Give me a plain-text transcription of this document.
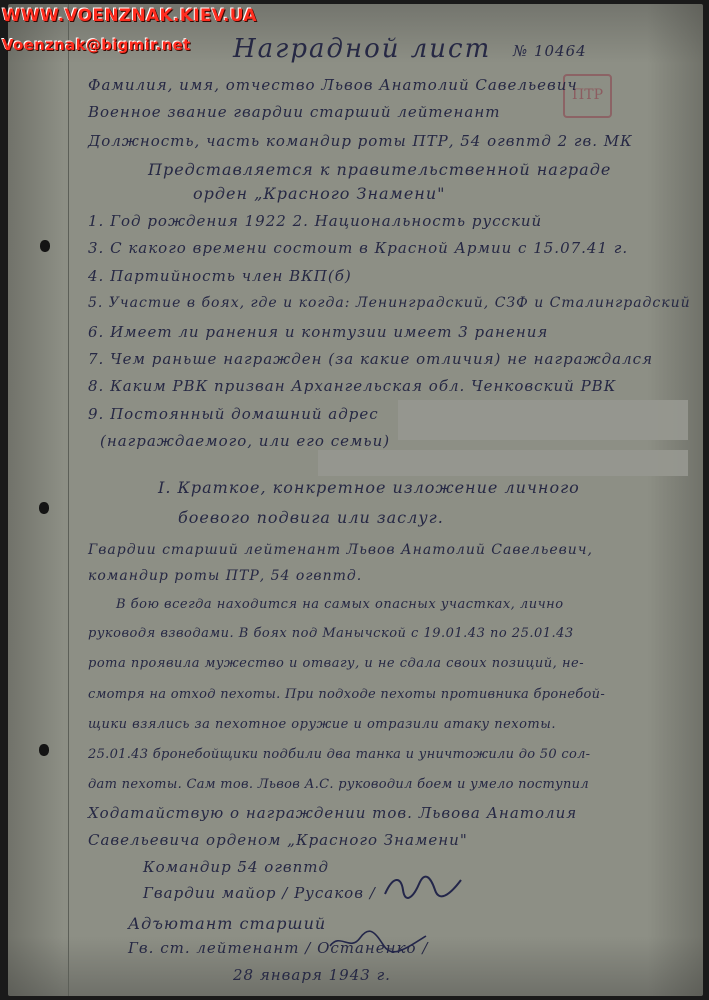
Наградной лист № 10464
ПТР
Фамилия, имя, отчество Львов Анатолий Савельевич
Военное звание гвардии старший лейтенант
Должность, часть командир роты ПТР, 54 огвптд 2 гв. МК
Представляется к правительственной награде
орден „Красного Знамени"
1. Год рождения 1922 2. Национальность русский
3. С какого времени состоит в Красной Армии с 15.07.41 г.
4. Партийность член ВКП(б)
5. Участие в боях, где и когда: Ленинградский, СЗФ и Сталинградский
6. Имеет ли ранения и контузии имеет 3 ранения
7. Чем раньше награжден (за какие отличия) не награждался
8. Каким РВК призван Архангельская обл. Ченковский РВК
9. Постоянный домашний адрес
(награждаемого, или его семьи)
I. Краткое, конкретное изложение личного
боевого подвига или заслуг.
Гвардии старший лейтенант Львов Анатолий Савельевич,
командир роты ПТР, 54 огвптд.
В бою всегда находится на самых опасных участках, лично
руководя взводами. В боях под Манычской с 19.01.43 по 25.01.43
рота проявила мужество и отвагу, и не сдала своих позиций, не-
смотря на отход пехоты. При подходе пехоты противника бронебой-
щики взялись за пехотное оружие и отразили атаку пехоты.
25.01.43 бронебойщики подбили два танка и уничтожили до 50 сол-
дат пехоты. Сам тов. Львов А.С. руководил боем и умело поступил
Ходатайствую о награждении тов. Львова Анатолия
Савельевича орденом „Красного Знамени"
Командир 54 огвптд
Гвардии майор / Русаков /
Адъютант старший
Гв. ст. лейтенант / Останенко /
28 января 1943 г.
WWW.VOENZNAK.KIEV.UA
Voenznak@bigmir.net
